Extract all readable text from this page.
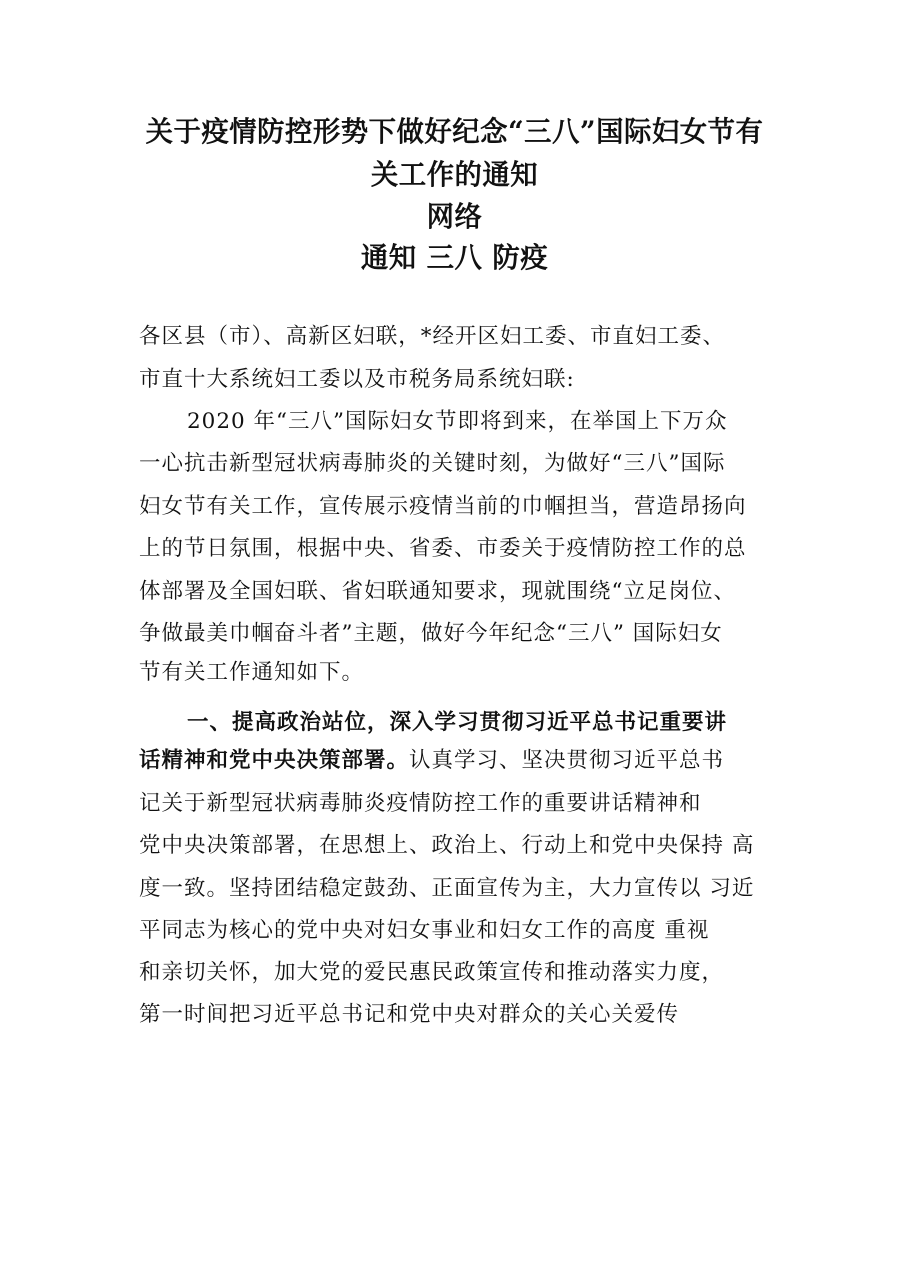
关于疫情防控形势下做好纪念“三八”国际妇女节有
关工作的通知
网络
通知 三八 防疫
各区县（市）、高新区妇联，*经开区妇工委、市直妇工委、
市直十大系统妇工委以及市税务局系统妇联:
2020 年“三八”国际妇女节即将到来，在举国上下万众
一心抗击新型冠状病毒肺炎的关键时刻，为做好“三八”国际
妇女节有关工作，宣传展示疫情当前的巾帼担当，营造昂扬向
上的节日氛围，根据中央、省委、市委关于疫情防控工作的总
体部署及全国妇联、省妇联通知要求，现就围绕“立足岗位、
争做最美巾帼奋斗者”主题，做好今年纪念“三八” 国际妇女
节有关工作通知如下。
一、提高政治站位，深入学习贯彻习近平总书记重要讲
话精神和党中央决策部署。认真学习、坚决贯彻习近平总书
记关于新型冠状病毒肺炎疫情防控工作的重要讲话精神和
党中央决策部署，在思想上、政治上、行动上和党中央保持 高
度一致。坚持团结稳定鼓劲、正面宣传为主，大力宣传以 习近
平同志为核心的党中央对妇女事业和妇女工作的高度 重视
和亲切关怀，加大党的爱民惠民政策宣传和推动落实力度，
第一时间把习近平总书记和党中央对群众的关心关爱传
